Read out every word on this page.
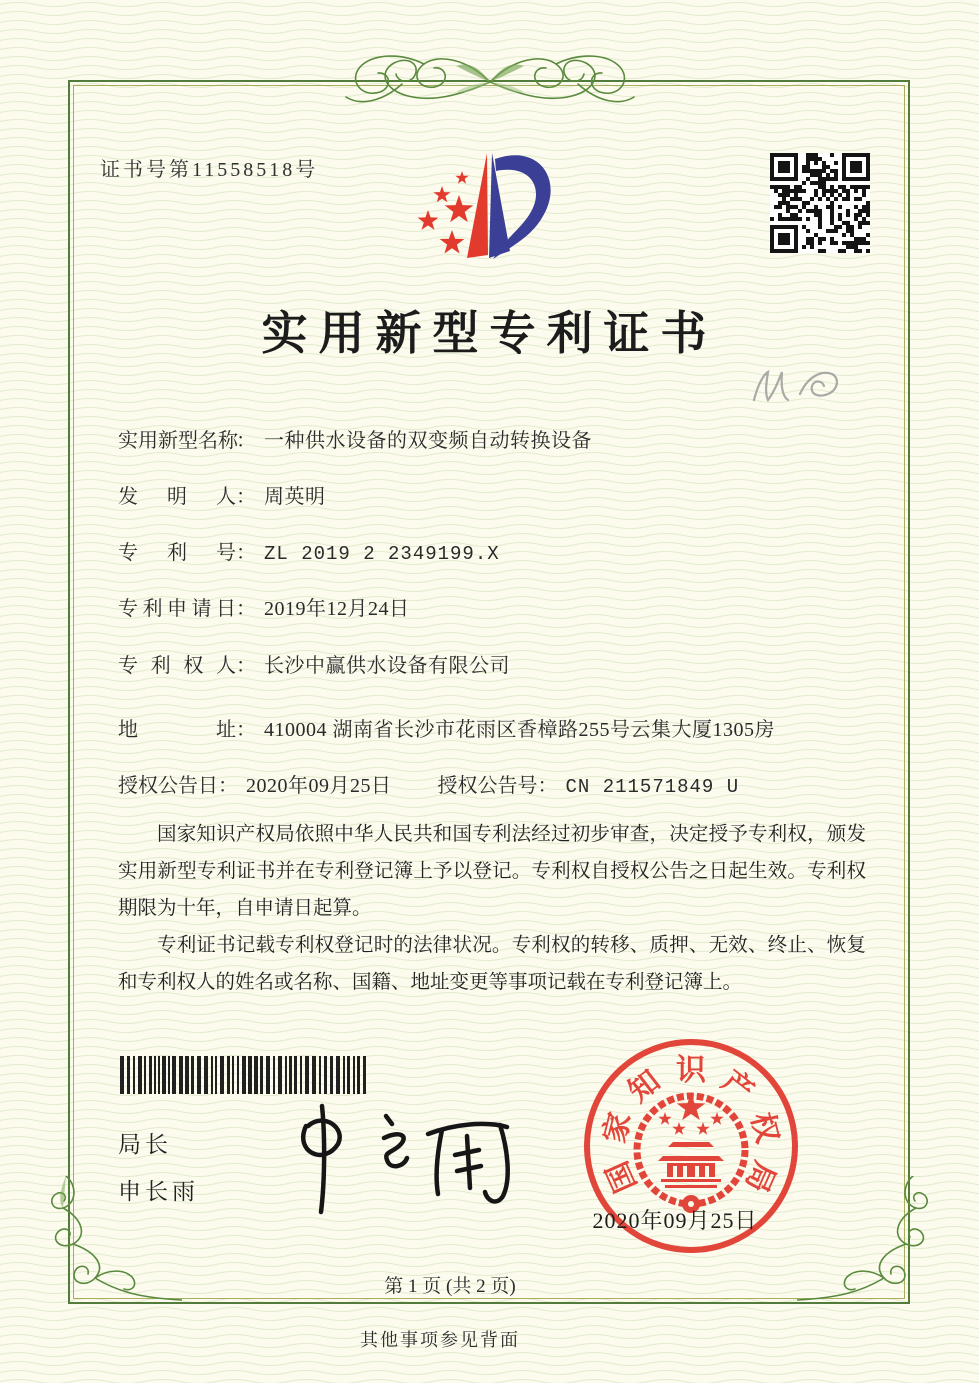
证书号第11558518号
实用新型专利证书
实用新型名称： 一种供水设备的双变频自动转换设备
发明人： 周英明
专利号： ZL 2019 2 2349199.X
专利申请日： 2019年12月24日
专利权人： 长沙中赢供水设备有限公司
地址： 410004 湖南省长沙市花雨区香樟路255号云集大厦1305房
授权公告日： 2020年09月25日 授权公告号： CN 211571849 U

国家知识产权局依照中华人民共和国专利法经过初步审查，决定授予专利权，颁发实用新型专利证书并在专利登记簿上予以登记。专利权自授权公告之日起生效。专利权期限为十年，自申请日起算。

专利证书记载专利权登记时的法律状况。专利权的转移、质押、无效、终止、恢复和专利权人的姓名或名称、国籍、地址变更等事项记载在专利登记簿上。

局长
申长雨	国
家
知 识 产
权
局
2020年09月25日
第 1 页 (共 2 页)
其他事项参见背面
